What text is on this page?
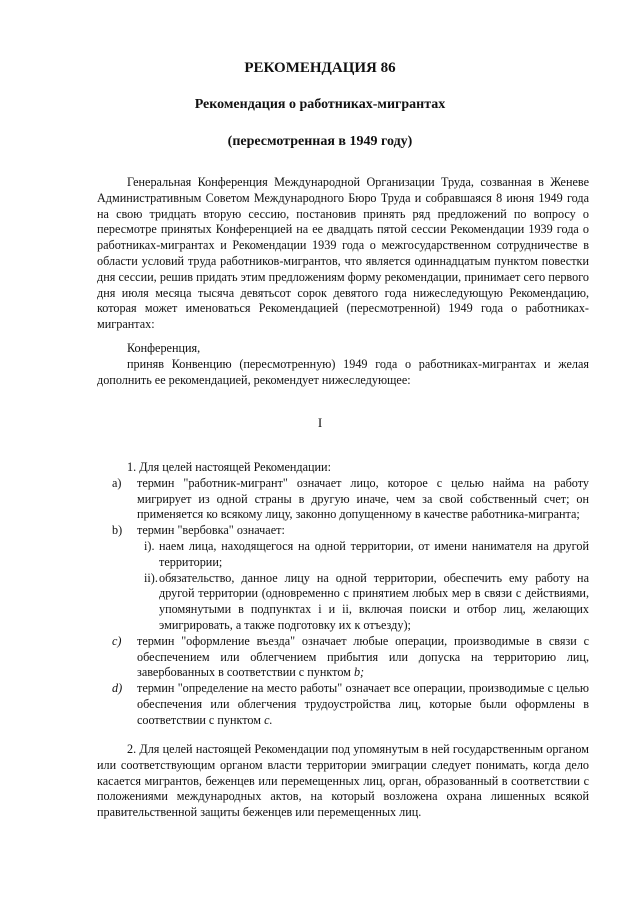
РЕКОМЕНДАЦИЯ 86
Рекомендация о работниках-мигрантах
(пересмотренная в 1949 году)

Генеральная Конференция Международной Организации Труда, созванная в Женеве Административным Советом Международного Бюро Труда и собравшаяся 8 июня 1949 года на свою тридцать вторую сессию, постановив принять ряд предложений по вопросу о пересмотре принятых Конференцией на ее двадцать пятой сессии Рекомендации 1939 года о работниках-мигрантах и Рекомендации 1939 года о межгосударственном сотрудничестве в области условий труда работников-мигрантов, что является одиннадцатым пунктом повестки дня сессии, решив придать этим предложениям форму рекомендации, принимает сего первого дня июля месяца тысяча девятьсот сорок девятого года нижеследующую Рекомендацию, которая может именоваться Рекомендацией (пересмотренной) 1949 года о работниках-мигрантах:

Конференция,

приняв Конвенцию (пересмотренную) 1949 года о работниках-мигрантах и желая дополнить ее рекомендацией, рекомендует нижеследующее:

I

1. Для целей настоящей Рекомендации:

a) термин "работник-мигрант" означает лицо, которое с целью найма на работу мигрирует из одной страны в другую иначе, чем за свой собственный счет; он применяется ко всякому лицу, законно допущенному в качестве работника-мигранта;
b) термин "вербовка" означает:
i). наем лица, находящегося на одной территории, от имени нанимателя на другой территории;
ii). обязательство, данное лицу на одной территории, обеспечить ему работу на другой территории (одновременно с принятием любых мер в связи с действиями, упомянутыми в подпунктах i и ii, включая поиски и отбор лиц, желающих эмигрировать, а также подготовку их к отъезду);
c) термин "оформление въезда" означает любые операции, производимые в связи с обеспечением или облегчением прибытия или допуска на территорию лиц, завербованных в соответствии с пунктом b;
d) термин "определение на место работы" означает все операции, производимые с целью обеспечения или облегчения трудоустройства лиц, которые были оформлены в соответствии с пунктом c.

2. Для целей настоящей Рекомендации под упомянутым в ней государственным органом или соответствующим органом власти территории эмиграции следует понимать, когда дело касается мигрантов, беженцев или перемещенных лиц, орган, образованный в соответствии с положениями международных актов, на который возложена охрана лишенных всякой правительственной защиты беженцев или перемещенных лиц.
